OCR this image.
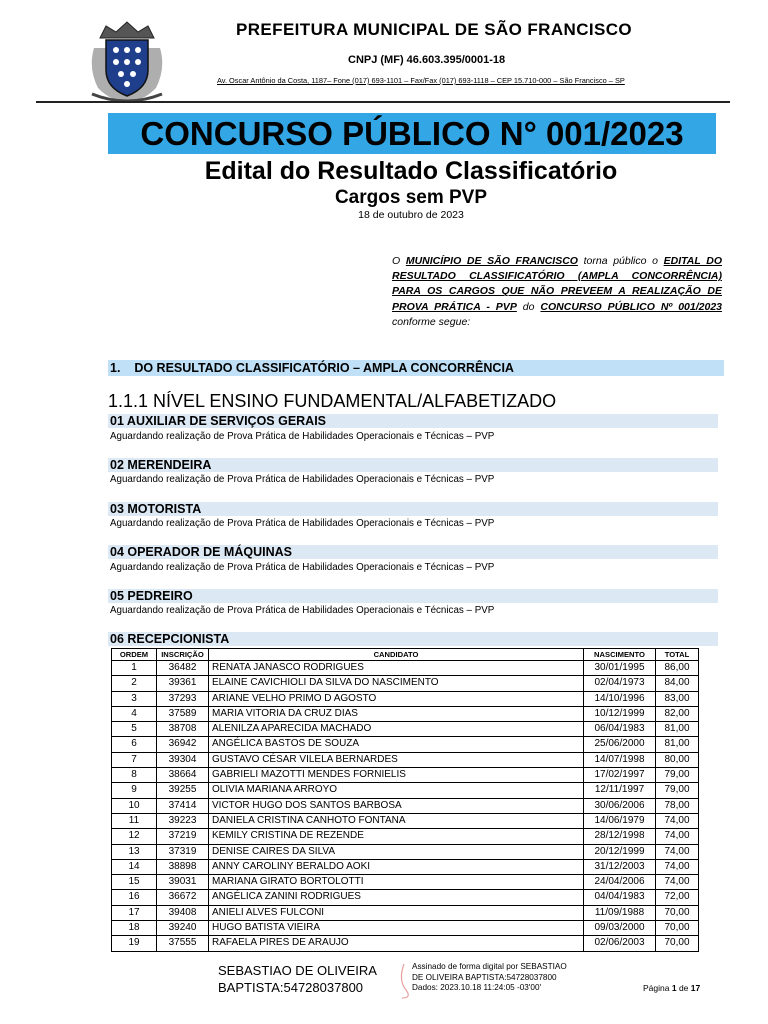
PREFEITURA MUNICIPAL DE SÃO FRANCISCO
CNPJ (MF) 46.603.395/0001-18
Av. Oscar Antônio da Costa, 1187– Fone (017) 693-1101 – Fax/Fax (017) 693-1118 – CEP 15.710-000 – São Francisco – SP
CONCURSO PÚBLICO N° 001/2023
Edital do Resultado Classificatório
Cargos sem PVP
18 de outubro de 2023
O MUNICÍPIO DE SÃO FRANCISCO torna público o EDITAL DO RESULTADO CLASSIFICATÓRIO (AMPLA CONCORRÊNCIA) PARA OS CARGOS QUE NÃO PREVEEM A REALIZAÇÃO DE PROVA PRÁTICA - PVP do CONCURSO PÚBLICO Nº 001/2023 conforme segue:
1.    DO RESULTADO CLASSIFICATÓRIO – AMPLA CONCORRÊNCIA
1.1.1 NÍVEL ENSINO FUNDAMENTAL/ALFABETIZADO
01 AUXILIAR DE SERVIÇOS GERAIS
Aguardando realização de Prova Prática de Habilidades Operacionais e Técnicas – PVP
02 MERENDEIRA
Aguardando realização de Prova Prática de Habilidades Operacionais e Técnicas – PVP
03 MOTORISTA
Aguardando realização de Prova Prática de Habilidades Operacionais e Técnicas – PVP
04 OPERADOR DE MÁQUINAS
Aguardando realização de Prova Prática de Habilidades Operacionais e Técnicas – PVP
05 PEDREIRO
Aguardando realização de Prova Prática de Habilidades Operacionais e Técnicas – PVP
06 RECEPCIONISTA
ORDEM	INSCRIÇÃO	CANDIDATO	NASCIMENTO	TOTAL
1	36482	RENATA JANASCO RODRIGUES	30/01/1995	86,00
2	39361	ELAINE CAVICHIOLI DA SILVA DO NASCIMENTO	02/04/1973	84,00
3	37293	ARIANE VELHO PRIMO D AGOSTO	14/10/1996	83,00
4	37589	MARIA VITORIA DA CRUZ DIAS	10/12/1999	82,00
5	38708	ALENILZA APARECIDA MACHADO	06/04/1983	81,00
6	36942	ANGÉLICA BASTOS DE SOUZA	25/06/2000	81,00
7	39304	GUSTAVO CÉSAR VILELA BERNARDES	14/07/1998	80,00
8	38664	GABRIELI MAZOTTI MENDES FORNIELIS	17/02/1997	79,00
9	39255	OLIVIA MARIANA ARROYO	12/11/1997	79,00
10	37414	VICTOR HUGO DOS SANTOS BARBOSA	30/06/2006	78,00
11	39223	DANIELA CRISTINA CANHOTO FONTANA	14/06/1979	74,00
12	37219	KEMILY CRISTINA DE REZENDE	28/12/1998	74,00
13	37319	DENISE CAIRES DA SILVA	20/12/1999	74,00
14	38898	ANNY CAROLINY BERALDO AOKI	31/12/2003	74,00
15	39031	MARIANA GIRATO BORTOLOTTI	24/04/2006	74,00
16	36672	ANGÉLICA ZANINI RODRIGUES	04/04/1983	72,00
17	39408	ANIELI ALVES FULCONI	11/09/1988	70,00
18	39240	HUGO BATISTA VIEIRA	09/03/2000	70,00
19	37555	RAFAELA PIRES DE ARAUJO	02/06/2003	70,00
SEBASTIAO DE OLIVEIRA
BAPTISTA:54728037800
Assinado de forma digital por SEBASTIAO
DE OLIVEIRA BAPTISTA:54728037800
Dados: 2023.10.18 11:24:05 -03'00'	Página 1 de 17
